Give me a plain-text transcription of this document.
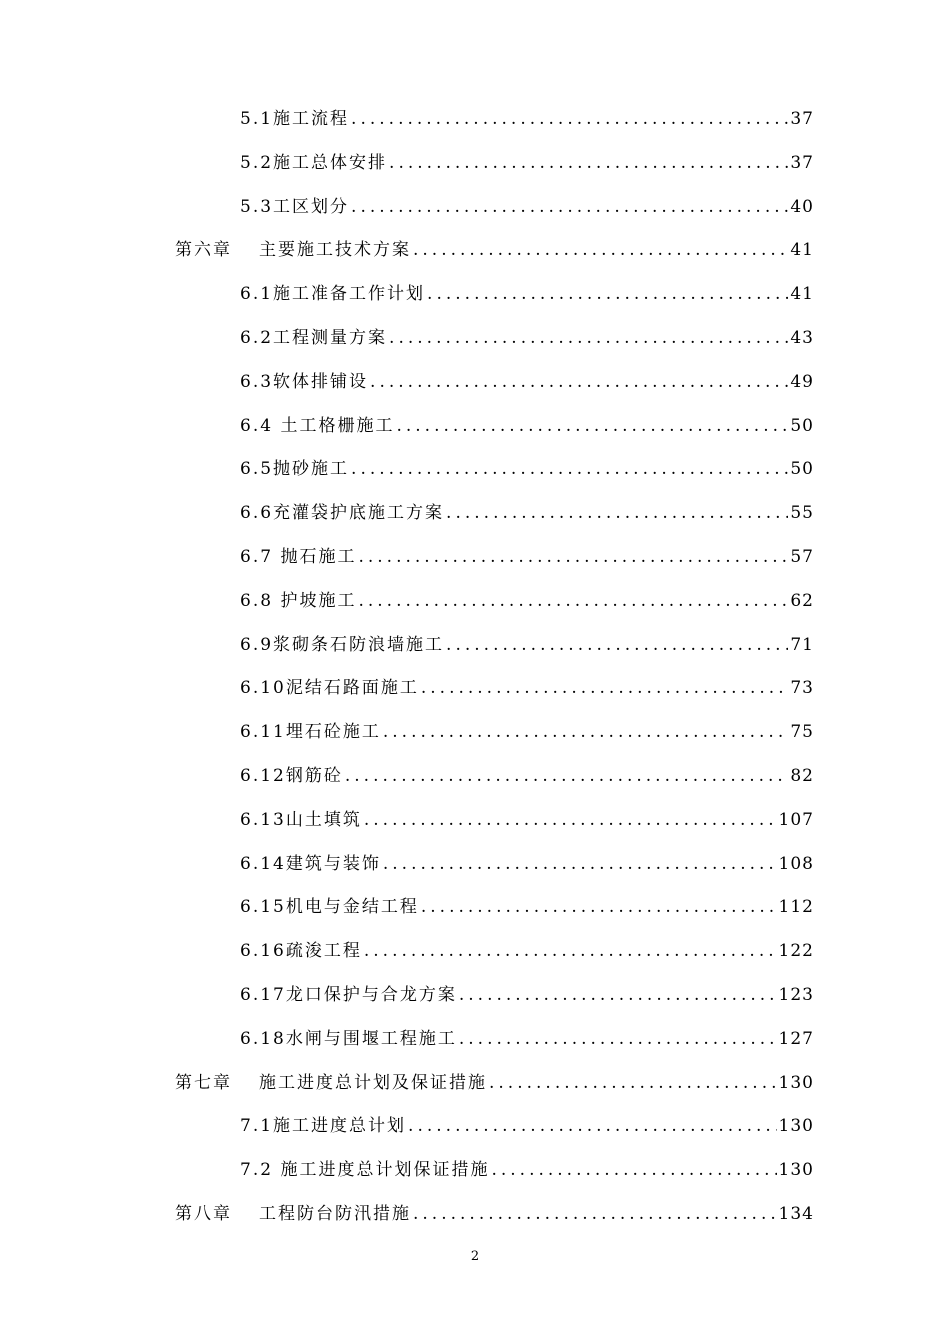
5.1施工流程 .....	37
5.2施工总体安排 .....	37
5.3工区划分 .....	40
第六章	主要施工技术方案 .....	41
6.1施工准备工作计划 .....	41
6.2工程测量方案 .....	43
6.3软体排铺设 .....	49
6.4 土工格栅施工 .....	50
6.5抛砂施工 .....	50
6.6充灌袋护底施工方案 .....	55
6.7 抛石施工 .....	57
6.8 护坡施工 .....	62
6.9浆砌条石防浪墙施工 .....	71
6.10泥结石路面施工 .....	73
6.11埋石砼施工 .....	75
6.12钢筋砼 .....	82
6.13山土填筑 .....	107
6.14建筑与装饰 .....	108
6.15机电与金结工程 .....	112
6.16疏浚工程 .....	122
6.17龙口保护与合龙方案 .....	123
6.18水闸与围堰工程施工 .....	127
第七章	施工进度总计划及保证措施 .....	130
7.1施工进度总计划 .....	130
7.2 施工进度总计划保证措施 .....	130
第八章	工程防台防汛措施 .....	134
2
